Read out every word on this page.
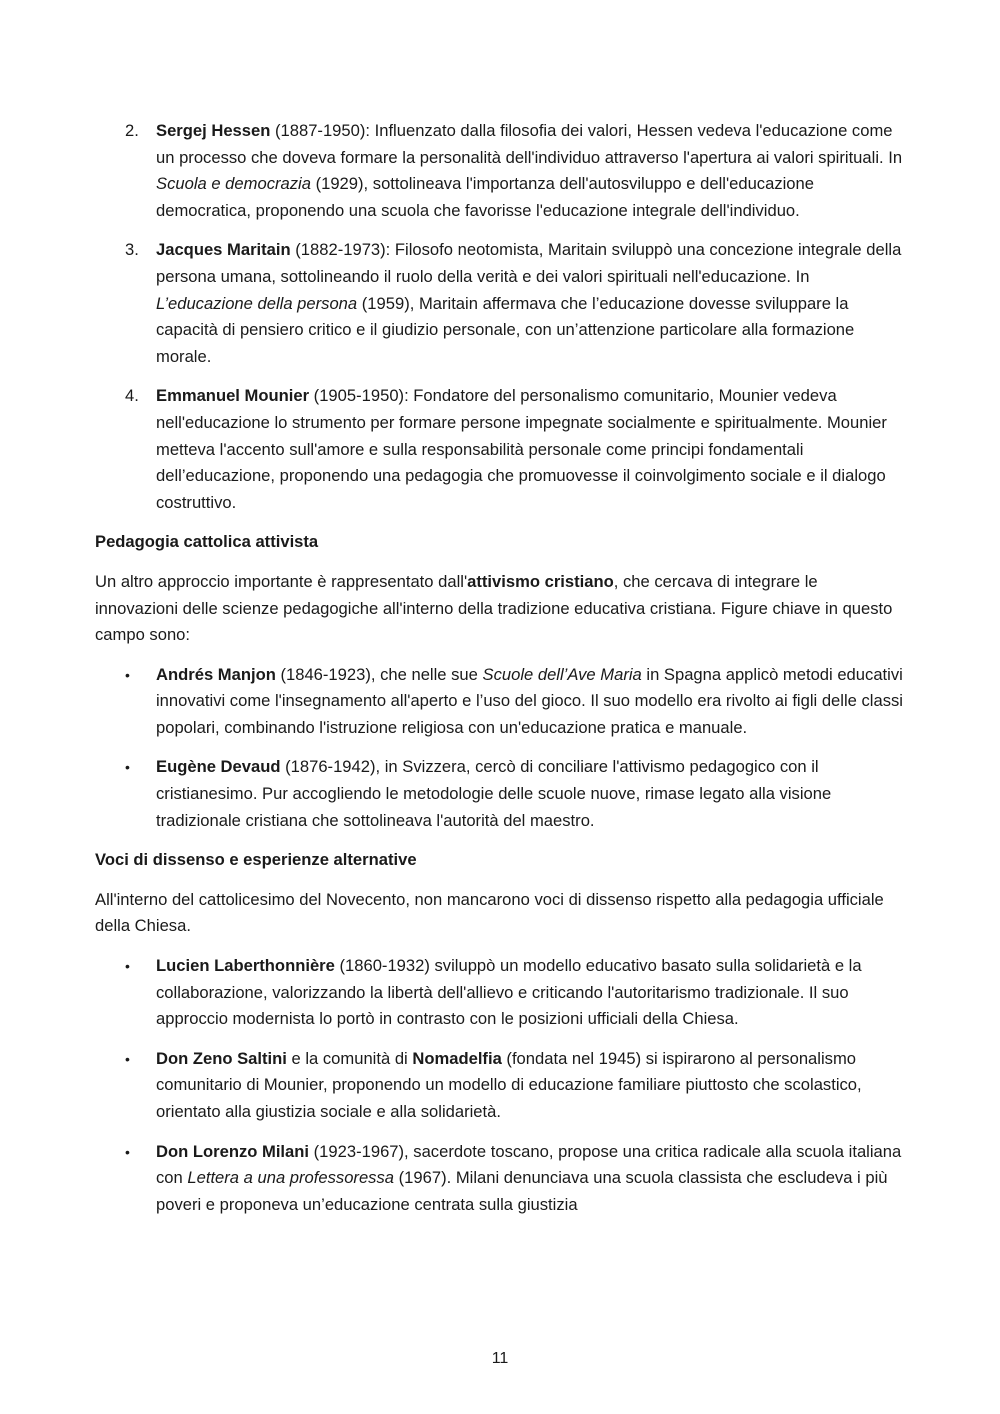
2. Sergej Hessen (1887-1950): Influenzato dalla filosofia dei valori, Hessen vedeva l'educazione come un processo che doveva formare la personalità dell'individuo attraverso l'apertura ai valori spirituali. In Scuola e democrazia (1929), sottolineava l'importanza dell'autosviluppo e dell'educazione democratica, proponendo una scuola che favorisse l'educazione integrale dell'individuo.
3. Jacques Maritain (1882-1973): Filosofo neotomista, Maritain sviluppò una concezione integrale della persona umana, sottolineando il ruolo della verità e dei valori spirituali nell'educazione. In L’educazione della persona (1959), Maritain affermava che l’educazione dovesse sviluppare la capacità di pensiero critico e il giudizio personale, con un’attenzione particolare alla formazione morale.
4. Emmanuel Mounier (1905-1950): Fondatore del personalismo comunitario, Mounier vedeva nell'educazione lo strumento per formare persone impegnate socialmente e spiritualmente. Mounier metteva l'accento sull'amore e sulla responsabilità personale come principi fondamentali dell’educazione, proponendo una pedagogia che promuovesse il coinvolgimento sociale e il dialogo costruttivo.
Pedagogia cattolica attivista

Un altro approccio importante è rappresentato dall'attivismo cristiano, che cercava di integrare le innovazioni delle scienze pedagogiche all'interno della tradizione educativa cristiana. Figure chiave in questo campo sono:

• Andrés Manjon (1846-1923), che nelle sue Scuole dell’Ave Maria in Spagna applicò metodi educativi innovativi come l'insegnamento all'aperto e l’uso del gioco. Il suo modello era rivolto ai figli delle classi popolari, combinando l'istruzione religiosa con un'educazione pratica e manuale.
• Eugène Devaud (1876-1942), in Svizzera, cercò di conciliare l'attivismo pedagogico con il cristianesimo. Pur accogliendo le metodologie delle scuole nuove, rimase legato alla visione tradizionale cristiana che sottolineava l'autorità del maestro.
Voci di dissenso e esperienze alternative

All'interno del cattolicesimo del Novecento, non mancarono voci di dissenso rispetto alla pedagogia ufficiale della Chiesa.

• Lucien Laberthonnière (1860-1932) sviluppò un modello educativo basato sulla solidarietà e la collaborazione, valorizzando la libertà dell'allievo e criticando l'autoritarismo tradizionale. Il suo approccio modernista lo portò in contrasto con le posizioni ufficiali della Chiesa.
• Don Zeno Saltini e la comunità di Nomadelfia (fondata nel 1945) si ispirarono al personalismo comunitario di Mounier, proponendo un modello di educazione familiare piuttosto che scolastico, orientato alla giustizia sociale e alla solidarietà.
• Don Lorenzo Milani (1923-1967), sacerdote toscano, propose una critica radicale alla scuola italiana con Lettera a una professoressa (1967). Milani denunciava una scuola classista che escludeva i più poveri e proponeva un’educazione centrata sulla giustizia
11
